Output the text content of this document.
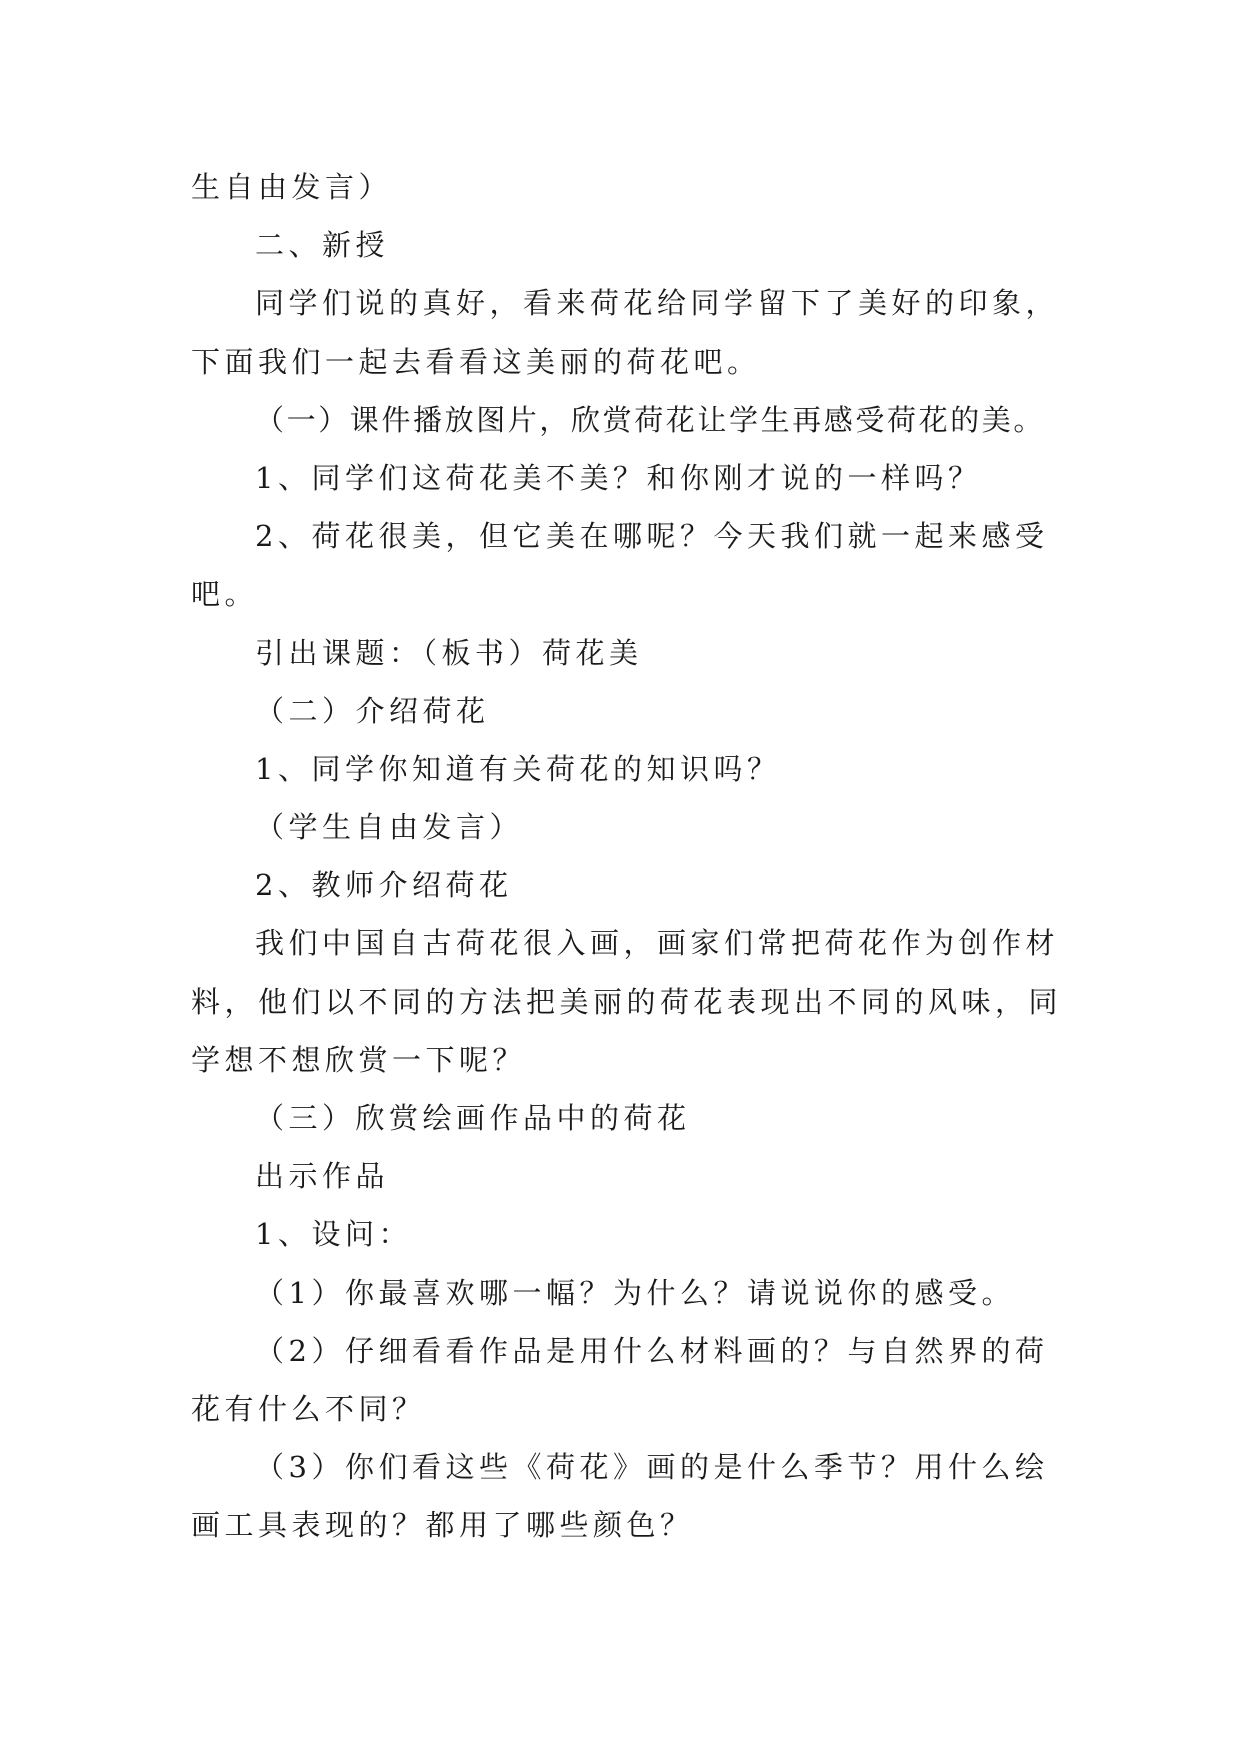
生自由发言）
二、新授
同学们说的真好，看来荷花给同学留下了美好的印象，
下面我们一起去看看这美丽的荷花吧。
（一）课件播放图片，欣赏荷花让学生再感受荷花的美。
1、同学们这荷花美不美？和你刚才说的一样吗？
2、荷花很美，但它美在哪呢？今天我们就一起来感受
吧。
引出课题：（板书）荷花美
（二）介绍荷花
1、同学你知道有关荷花的知识吗？
（学生自由发言）
2、教师介绍荷花
我们中国自古荷花很入画，画家们常把荷花作为创作材
料，他们以不同的方法把美丽的荷花表现出不同的风味，同
学想不想欣赏一下呢？
（三）欣赏绘画作品中的荷花
出示作品
1、设问：
（1）你最喜欢哪一幅？为什么？请说说你的感受。
（2）仔细看看作品是用什么材料画的？与自然界的荷
花有什么不同？
（3）你们看这些《荷花》画的是什么季节？用什么绘
画工具表现的？都用了哪些颜色？
